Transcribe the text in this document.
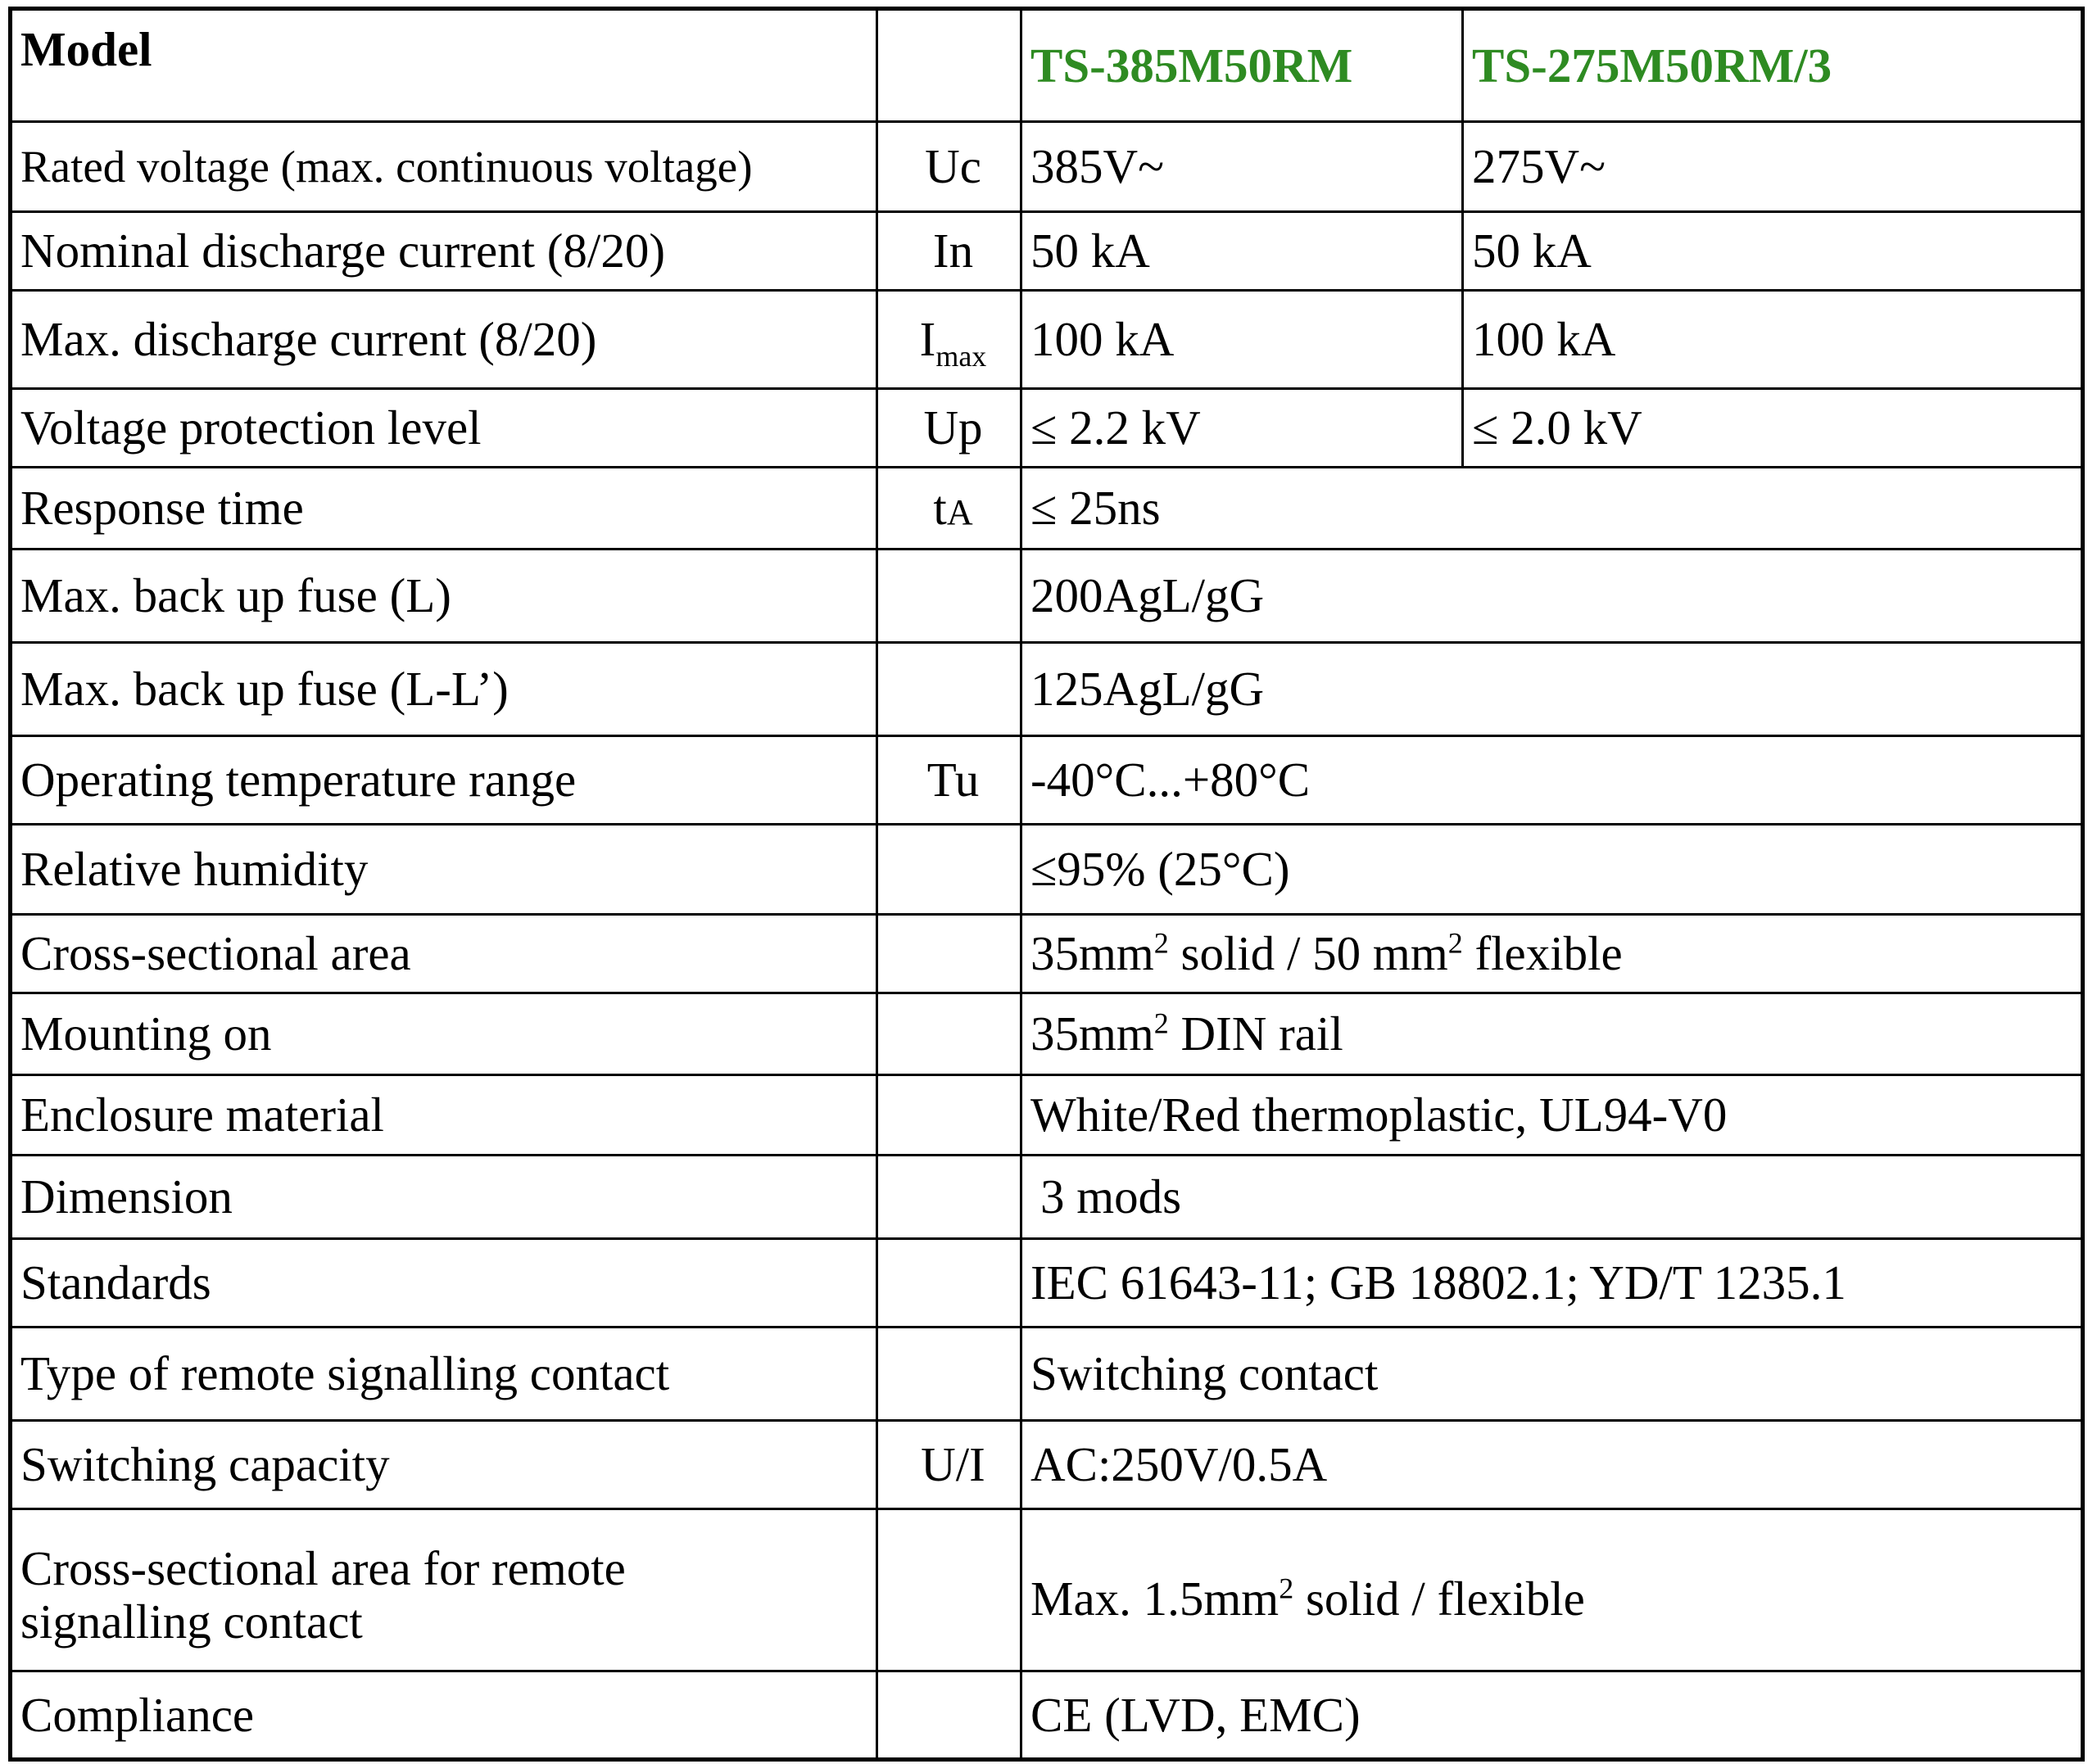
Model		TS-385M50RM	TS-275M50RM/3
Rated voltage (max. continuous voltage)	Uc	385V~	275V~
Nominal discharge current (8/20)	In	50 kA	50 kA
Max. discharge current (8/20)	$I_{max}$	100 kA	100 kA
Voltage protection level	Up	≤ 2.2 kV	≤ 2.0 kV
Response time	tA	≤ 25ns	
Max. back up fuse (L)		200AgL/gG	
Max. back up fuse (L-L’)		125AgL/gG	
Operating temperature range	Tu	-40°C...+80°C	
Relative humidity		≤95% (25°C)	
Cross-sectional area		$35mm^2$ solid / 50 $mm^2$ flexible	
Mounting on		$35mm^2$ DIN rail	
Enclosure material		White/Red thermoplastic, UL94-V0	
Dimension		3 mods	
Standards		IEC 61643-11; GB 18802.1; YD/T 1235.1	
Type of remote signalling contact		Switching contact	
Switching capacity	U/I	AC:250V/0.5A	

Cross-sectional area for remote
signalling contact		Max. $1.5mm^2$ solid / flexible	
Compliance		CE (LVD, EMC)	
